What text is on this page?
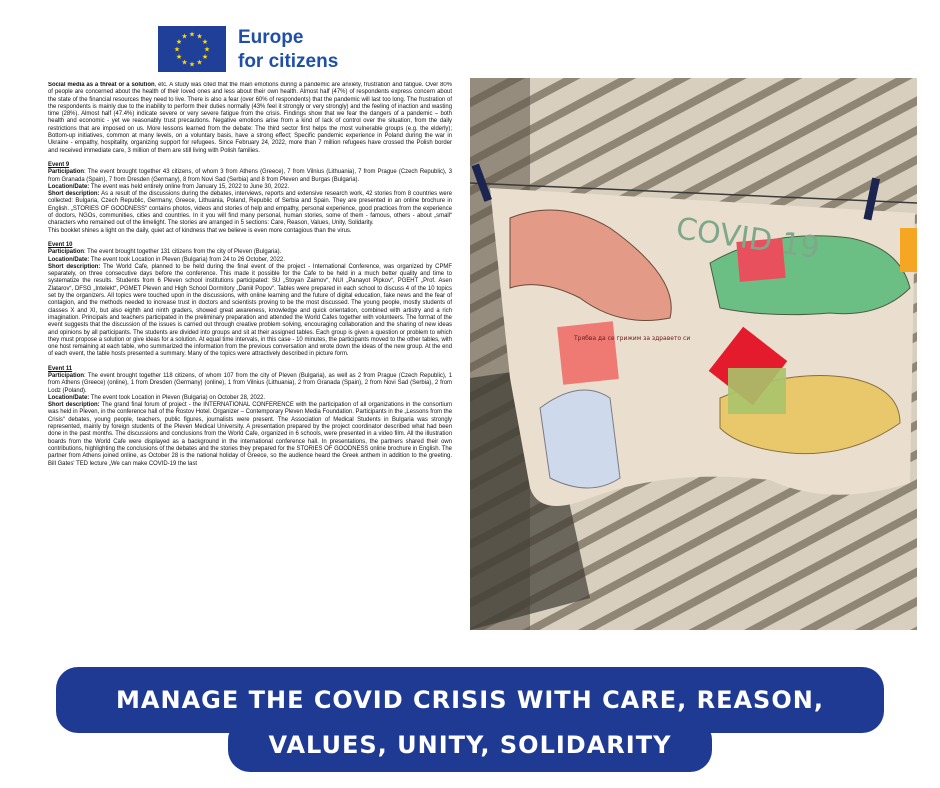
★
★
★
★
★
★
★
★
★ ★ ★
★ Europe
for citizens

Social media as a threat or a solution, etc. A study was cited that the main emotions during a pandemic are anxiety, frustration and fatigue. Over 80% of people are concerned about the health of their loved ones and less about their own health. Almost half (47%) of respondents express concern about the state of the financial resources they need to live. There is also a fear (over 60% of respondents) that the pandemic will last too long. The frustration of the respondents is mainly due to the inability to perform their duties normally (43% feel it strongly or very strongly) and the feeling of inaction and wasting time (28%). Almost half (47.4%) indicate severe or very severe fatigue from the crisis. Findings show that we fear the dangers of a pandemic – both health and economic - yet we reasonably trust precautions. Negative emotions arise from a kind of lack of control over the situation, from the daily restrictions that are imposed on us. More lessons learned from the debate: The third sector first helps the most vulnerable groups (e.g. the elderly); Bottom-up initiatives, common at many levels, on a voluntary basis, have a strong effect; Specific pandemic experience in Poland during the war in Ukraine - empathy, hospitality, organizing support for refugees. Since February 24, 2022, more than 7 million refugees have crossed the Polish border and received immediate care, 3 million of them are still living with Polish families.

Event 9
Participation: The event brought together 43 citizens, of whom 3 from Athens (Greece), 7 from Vilnius (Lithuania), 7 from Prague (Czech Republic), 3 from Granada (Spain), 7 from Dresden (Germany), 8 from Novi Sad (Serbia) and 8 from Pleven and Burgas (Bulgaria).
Location/Date: The event was held entirely online from January 15, 2022 to June 30, 2022.
Short description: As a result of the discussions during the debates, interviews, reports and extensive research work, 42 stories from 8 countries were collected: Bulgaria, Czech Republic, Germany, Greece, Lithuania, Poland, Republic of Serbia and Spain. They are presented in an online brochure in English. „STORIES OF GOODNESS“ contains photos, videos and stories of help and empathy, personal experience, good practices from the experience of doctors, NGOs, communities, cities and countries. In it you will find many personal, human stories, some of them - famous, others - about „small“ characters who remained out of the limelight. The stories are arranged in 5 sections: Care, Reason, Values, Unity, Solidarity.

This booklet shines a light on the daily, quiet act of kindness that we believe is even more contagious than the virus.

Event 10
Participation: The event brought together 131 citizens from the city of Pleven (Bulgaria).
Location/Date: The event took Location in Pleven (Bulgaria) from 24 to 26 October, 2022.

Short description: The World Cafe, planned to be held during the final event of the project - International Conference, was organized by CPMF separately, on three consecutive days before the conference. This made it possible for the Cafe to be held in a much better quality and time to systematize the results. Students from 6 Pleven school institutions participated: SU „Stoyan Zaimov“, NUI „Panayot Pipkov“, PGEHT „Prof. Asen Zlatarov“, DFSG „Intelekt“, PGMET Pleven and High School Dormitory „Daniil Popov“. Tables were prepared in each school to discuss 4 of the 10 topics set by the organizers. All topics were touched upon in the discussions, with online learning and the future of digital education, fake news and the fear of contagion, and the methods needed to increase trust in doctors and scientists proving to be the most discussed. The young people, mostly students of classes X and XI, but also eighth and ninth graders, showed great awareness, knowledge and quick orientation, combined with artistry and a rich imagination. Principals and teachers participated in the preliminary preparation and attended the World Cafes together with volunteers. The format of the event suggests that the discussion of the issues is carried out through creative problem solving, encouraging collaboration and the sharing of new ideas and opinions by all participants. The students are divided into groups and sit at their assigned tables. Each group is given a question or problem to which they must propose a solution or give ideas for a solution. At equal time intervals, in this case - 10 minutes, the participants moved to the other tables, with one host remaining at each table, who summarized the information from the previous conversation and wrote down the ideas of the new group. At the end of each event, the table hosts presented a summary. Many of the topics were attractively described in picture form.

Event 11
Participation: The event brought together 118 citizens, of whom 107 from the city of Pleven (Bulgaria), as well as 2 from Prague (Czech Republic), 1 from Athens (Greece) (online), 1 from Dresden (Germany) (online), 1 from Vilnius (Lithuania), 2 from Granada (Spain), 2 from Novi Sad (Serbia), 2 from Lodz (Poland).
Location/Date: The event took Location in Pleven (Bulgaria) on October 28, 2022.
Short description: The grand final forum of project - the INTERNATIONAL CONFERENCE with the participation of all organizations in the consortium was held in Pleven, in the conference hall of the Rostov Hotel. Organizer – Contemporary Pleven Media Foundation. Participants in the „Lessons from the Crisis“ debates, young people, teachers, public figures, journalists were present. The Association of Medical Students in Bulgaria was strongly represented, mainly by foreign students of the Pleven Medical University. A presentation prepared by the project coordinator described what had been done in the past months. The discussions and conclusions from the World Cafe, organized in 6 schools, were presented in a video film. All the illustration boards from the World Cafe were displayed as a background in the international conference hall. In presentations, the partners shared their own contributions, highlighting the conclusions of the debates and the stories they prepared for the STORIES OF GOODNESS online brochure in English. The partner from Athens joined online, as October 28 is the national holiday of Greece, so the audience heard the Greek anthem in addition to the greeting. Bill Gates' TED lecture „We can make COVID-19 the last
COVID 19
Трябва да се грижим за здравето си
MANAGE THE COVID CRISIS WITH CARE, REASON,
VALUES, UNITY, SOLIDARITY
